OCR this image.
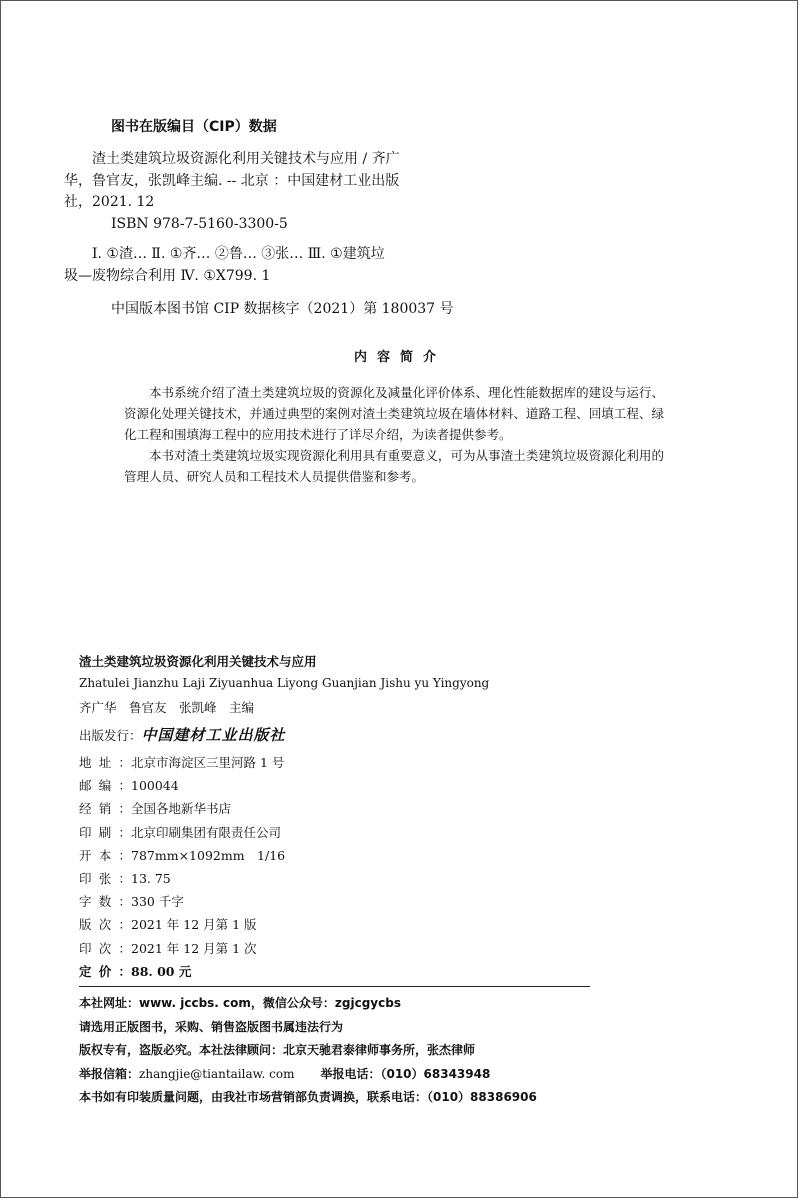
图书在版编目（CIP）数据

渣土类建筑垃圾资源化利用关键技术与应用 / 齐广
华，鲁官友，张凯峰主编. -- 北京 ：中国建材工业出版
社，2021. 12

ISBN 978-7-5160-3300-5

Ⅰ. ①渣… Ⅱ. ①齐… ②鲁… ③张… Ⅲ. ①建筑垃
圾—废物综合利用 Ⅳ. ①X799. 1

中国版本图书馆 CIP 数据核字（2021）第 180037 号

内容简介

本书系统介绍了渣土类建筑垃圾的资源化及减量化评价体系、理化性能数据库的建设与运行、资源化处理关键技术，并通过典型的案例对渣土类建筑垃圾在墙体材料、道路工程、回填工程、绿化工程和围填海工程中的应用技术进行了详尽介绍，为读者提供参考。

本书对渣土类建筑垃圾实现资源化利用具有重要意义，可为从事渣土类建筑垃圾资源化利用的管理人员、研究人员和工程技术人员提供借鉴和参考。

渣土类建筑垃圾资源化利用关键技术与应用
Zhatulei Jianzhu Laji Ziyuanhua Liyong Guanjian Jishu yu Yingyong
齐广华　鲁官友　张凯峰　主编
出版发行：中国建材工业出版社
地址：北京市海淀区三里河路 1 号
邮编：100044
经销：全国各地新华书店
印刷：北京印刷集团有限责任公司
开本：787mm×1092mm　1/16
印张：13. 75
字数：330 千字
版次：2021 年 12 月第 1 版
印次：2021 年 12 月第 1 次
定价：88. 00 元

本社网址：www. jccbs. com，微信公众号：zgjcgycbs

请选用正版图书，采购、销售盗版图书属违法行为

版权专有，盗版必究。本社法律顾问：北京天驰君泰律师事务所，张杰律师

举报信箱：zhangjie@tiantailaw. com 举报电话：（010）68343948

本书如有印装质量问题，由我社市场营销部负责调换，联系电话：（010）88386906
